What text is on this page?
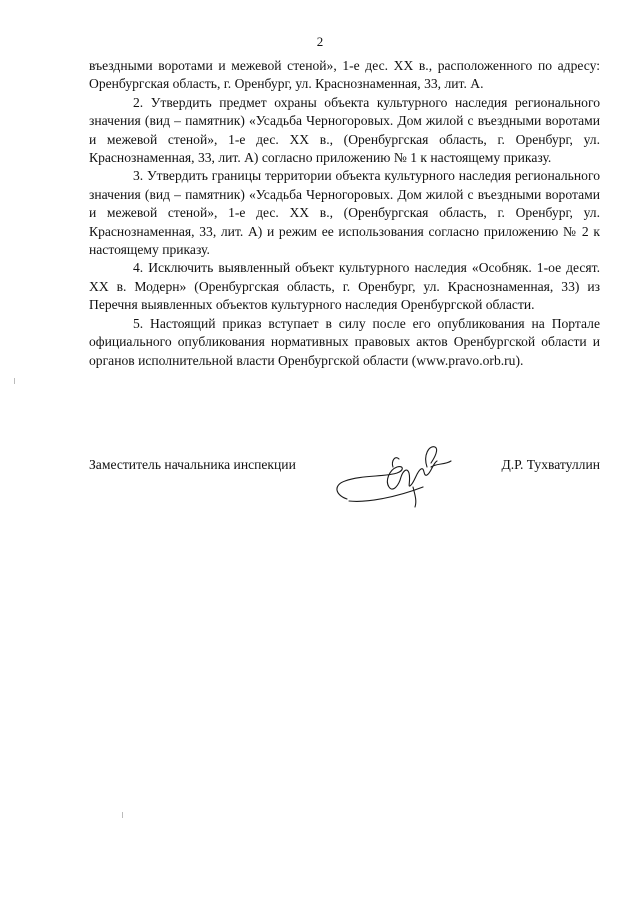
2

въездными воротами и межевой стеной», 1-е дес. XX в., расположенного по адресу: Оренбургская область, г. Оренбург, ул. Краснознаменная, 33, лит. А.

2. Утвердить предмет охраны объекта культурного наследия регионального значения (вид – памятник) «Усадьба Черногоровых. Дом жилой с въездными воротами и межевой стеной», 1-е дес. XX в., (Оренбургская область, г. Оренбург, ул. Краснознаменная, 33, лит. А) согласно приложению № 1 к настоящему приказу.

3. Утвердить границы территории объекта культурного наследия регионального значения (вид – памятник) «Усадьба Черногоровых. Дом жилой с въездными воротами и межевой стеной», 1-е дес. XX в., (Оренбургская область, г. Оренбург, ул. Краснознаменная, 33, лит. А) и режим ее использования согласно приложению № 2 к настоящему приказу.

4. Исключить выявленный объект культурного наследия «Особняк. 1-ое десят. XX в. Модерн» (Оренбургская область, г. Оренбург, ул. Краснознаменная, 33) из Перечня выявленных объектов культурного наследия Оренбургской области.

5. Настоящий приказ вступает в силу после его опубликования на Портале официального опубликования нормативных правовых актов Оренбургской области и органов исполнительной власти Оренбургской области (www.pravo.orb.ru).

Заместитель начальника инспекции	Д.Р. Тухватуллин
